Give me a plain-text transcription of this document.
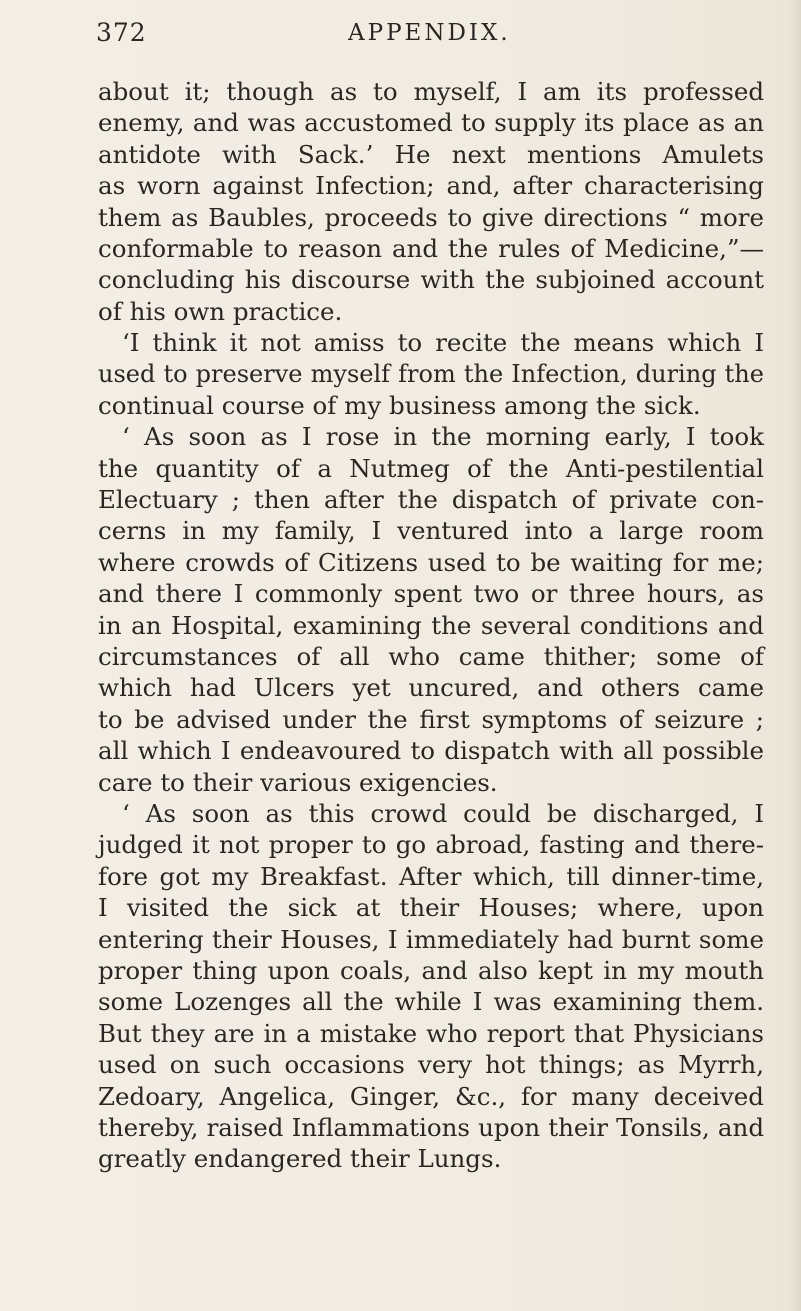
372	APPENDIX.
about it; though as to myself, I am its professed
enemy, and was accustomed to supply its place as an
antidote with Sack.’ He next mentions Amulets
as worn against Infection; and, after characterising
them as Baubles, proceeds to give directions “ more
conformable to reason and the rules of Medicine,”—
concluding his discourse with the subjoined account
of his own practice.
‘I think it not amiss to recite the means which I
used to preserve myself from the Infection, during the
continual course of my business among the sick.
‘ As soon as I rose in the morning early, I took
the quantity of a Nutmeg of the Anti-pestilential
Electuary ; then after the dispatch of private con-
cerns in my family, I ventured into a large room
where crowds of Citizens used to be waiting for me;
and there I commonly spent two or three hours, as
in an Hospital, examining the several conditions and
circumstances of all who came thither; some of
which had Ulcers yet uncured, and others came
to be advised under the first symptoms of seizure ;
all which I endeavoured to dispatch with all possible
care to their various exigencies.
‘ As soon as this crowd could be discharged, I
judged it not proper to go abroad, fasting and there-
fore got my Breakfast. After which, till dinner-time,
I visited the sick at their Houses; where, upon
entering their Houses, I immediately had burnt some
proper thing upon coals, and also kept in my mouth
some Lozenges all the while I was examining them.
But they are in a mistake who report that Physicians
used on such occasions very hot things; as Myrrh,
Zedoary, Angelica, Ginger, &c., for many deceived
thereby, raised Inflammations upon their Tonsils, and
greatly endangered their Lungs.
